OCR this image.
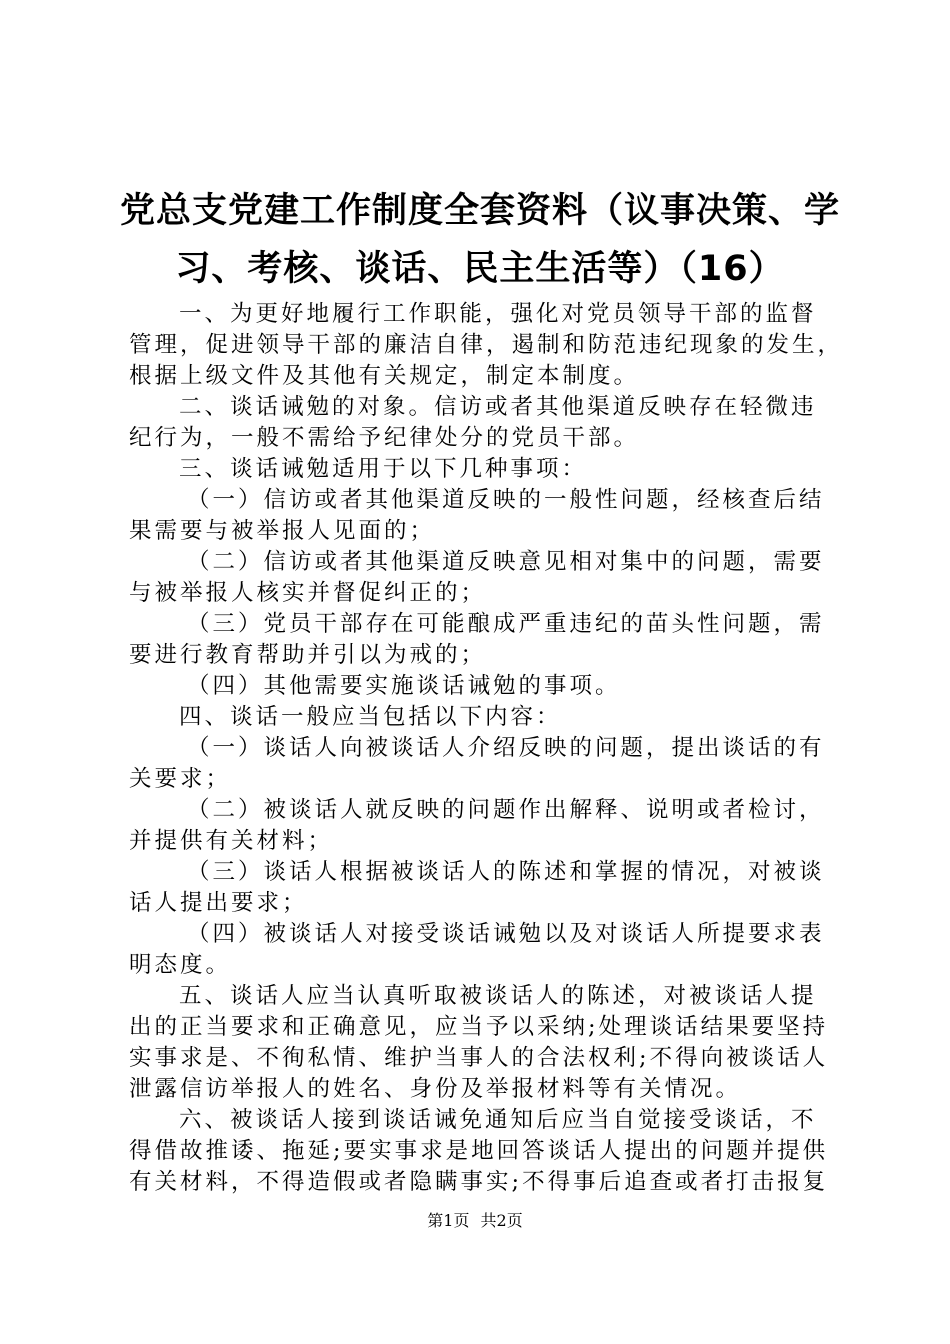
党总支党建工作制度全套资料（议事决策、学
习、考核、谈话、民主生活等）（16）

一、为更好地履行工作职能，强化对党员领导干部的监督
管理，促进领导干部的廉洁自律，遏制和防范违纪现象的发生，
根据上级文件及其他有关规定，制定本制度。

二、谈话诫勉的对象。信访或者其他渠道反映存在轻微违
纪行为，一般不需给予纪律处分的党员干部。

三、谈话诫勉适用于以下几种事项：

（一）信访或者其他渠道反映的一般性问题，经核查后结
果需要与被举报人见面的；

（二）信访或者其他渠道反映意见相对集中的问题，需要
与被举报人核实并督促纠正的；

（三）党员干部存在可能酿成严重违纪的苗头性问题，需
要进行教育帮助并引以为戒的；

（四）其他需要实施谈话诫勉的事项。

四、谈话一般应当包括以下内容：

（一）谈话人向被谈话人介绍反映的问题，提出谈话的有
关要求；

（二）被谈话人就反映的问题作出解释、说明或者检讨，
并提供有关材料；

（三）谈话人根据被谈话人的陈述和掌握的情况，对被谈
话人提出要求；

（四）被谈话人对接受谈话诫勉以及对谈话人所提要求表
明态度。

五、谈话人应当认真听取被谈话人的陈述，对被谈话人提
出的正当要求和正确意见，应当予以采纳;处理谈话结果要坚持
实事求是、不徇私情、维护当事人的合法权利;不得向被谈话人
泄露信访举报人的姓名、身份及举报材料等有关情况。

六、被谈话人接到谈话诫免通知后应当自觉接受谈话，不
得借故推诿、拖延;要实事求是地回答谈话人提出的问题并提供
有关材料，不得造假或者隐瞒事实;不得事后追查或者打击报复

第1页 共2页
